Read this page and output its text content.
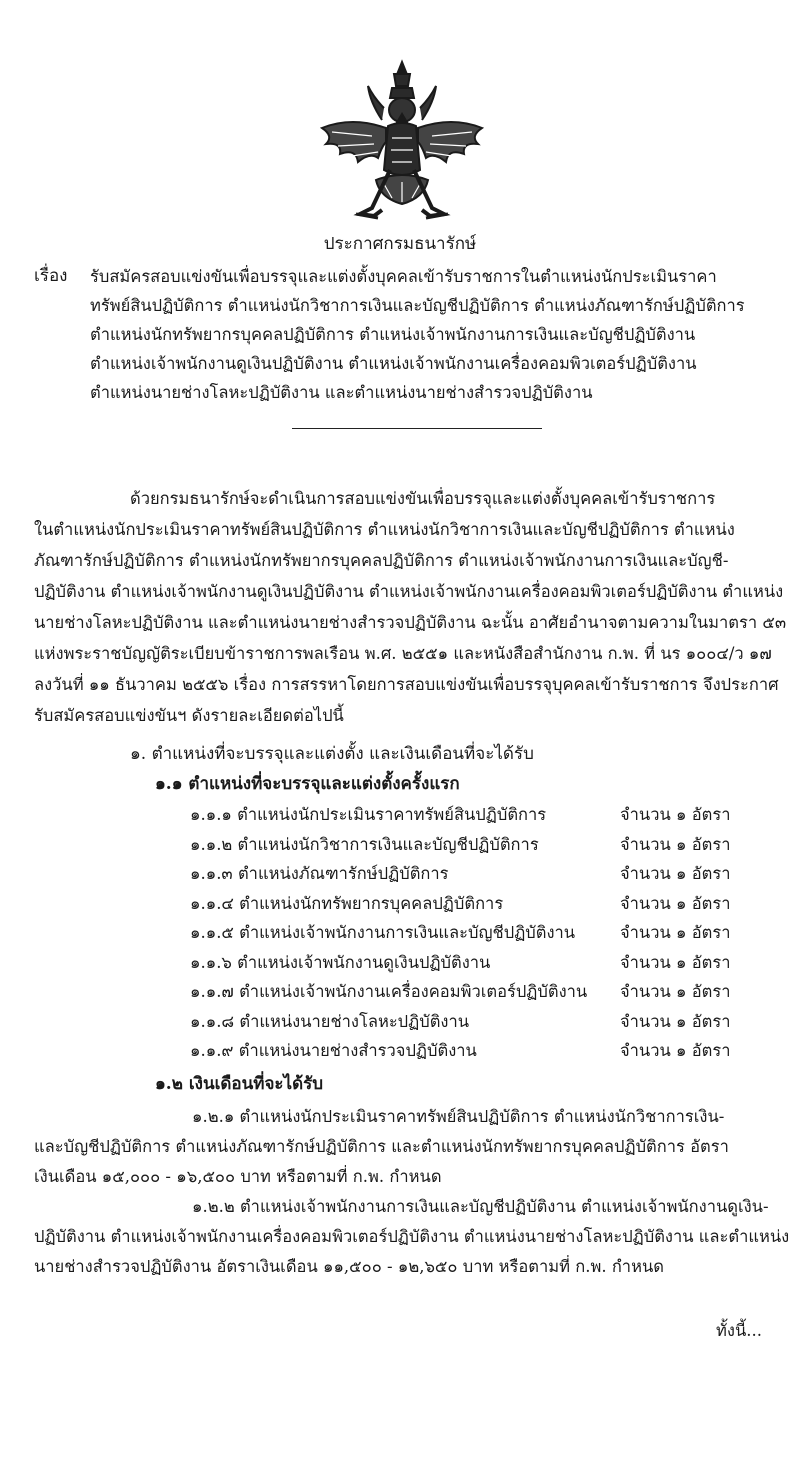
ประกาศกรมธนารักษ์
เรื่อง รับสมัครสอบแข่งขันเพื่อบรรจุและแต่งตั้งบุคคลเข้ารับราชการในตำแหน่งนักประเมินราคา
ทรัพย์สินปฏิบัติการ ตำแหน่งนักวิชาการเงินและบัญชีปฏิบัติการ ตำแหน่งภัณฑารักษ์ปฏิบัติการ
ตำแหน่งนักทรัพยากรบุคคลปฏิบัติการ ตำแหน่งเจ้าพนักงานการเงินและบัญชีปฏิบัติงาน
ตำแหน่งเจ้าพนักงานดูเงินปฏิบัติงาน ตำแหน่งเจ้าพนักงานเครื่องคอมพิวเตอร์ปฏิบัติงาน
ตำแหน่งนายช่างโลหะปฏิบัติงาน และตำแหน่งนายช่างสำรวจปฏิบัติงาน
ด้วยกรมธนารักษ์จะดำเนินการสอบแข่งขันเพื่อบรรจุและแต่งตั้งบุคคลเข้ารับราชการ
ในตำแหน่งนักประเมินราคาทรัพย์สินปฏิบัติการ ตำแหน่งนักวิชาการเงินและบัญชีปฏิบัติการ ตำแหน่ง
ภัณฑารักษ์ปฏิบัติการ ตำแหน่งนักทรัพยากรบุคคลปฏิบัติการ ตำแหน่งเจ้าพนักงานการเงินและบัญชี-
ปฏิบัติงาน ตำแหน่งเจ้าพนักงานดูเงินปฏิบัติงาน ตำแหน่งเจ้าพนักงานเครื่องคอมพิวเตอร์ปฏิบัติงาน ตำแหน่ง
นายช่างโลหะปฏิบัติงาน และตำแหน่งนายช่างสำรวจปฏิบัติงาน ฉะนั้น อาศัยอำนาจตามความในมาตรา ๕๓
แห่งพระราชบัญญัติระเบียบข้าราชการพลเรือน พ.ศ. ๒๕๕๑ และหนังสือสำนักงาน ก.พ. ที่ นร ๑๐๐๔/ว ๑๗
ลงวันที่ ๑๑ ธันวาคม ๒๕๕๖ เรื่อง การสรรหาโดยการสอบแข่งขันเพื่อบรรจุบุคคลเข้ารับราชการ จึงประกาศ
รับสมัครสอบแข่งขันฯ ดังรายละเอียดต่อไปนี้
๑. ตำแหน่งที่จะบรรจุและแต่งตั้ง และเงินเดือนที่จะได้รับ
๑.๑ ตำแหน่งที่จะบรรจุและแต่งตั้งครั้งแรก
๑.๑.๑ ตำแหน่งนักประเมินราคาทรัพย์สินปฏิบัติการ	จำนวน ๑ อัตรา
๑.๑.๒ ตำแหน่งนักวิชาการเงินและบัญชีปฏิบัติการ	จำนวน ๑ อัตรา
๑.๑.๓ ตำแหน่งภัณฑารักษ์ปฏิบัติการ	จำนวน ๑ อัตรา
๑.๑.๔ ตำแหน่งนักทรัพยากรบุคคลปฏิบัติการ	จำนวน ๑ อัตรา
๑.๑.๕ ตำแหน่งเจ้าพนักงานการเงินและบัญชีปฏิบัติงาน	จำนวน ๑ อัตรา
๑.๑.๖ ตำแหน่งเจ้าพนักงานดูเงินปฏิบัติงาน	จำนวน ๑ อัตรา
๑.๑.๗ ตำแหน่งเจ้าพนักงานเครื่องคอมพิวเตอร์ปฏิบัติงาน จำนวน ๑ อัตรา
๑.๑.๘ ตำแหน่งนายช่างโลหะปฏิบัติงาน	จำนวน ๑ อัตรา
๑.๑.๙ ตำแหน่งนายช่างสำรวจปฏิบัติงาน	จำนวน ๑ อัตรา
๑.๒ เงินเดือนที่จะได้รับ
๑.๒.๑ ตำแหน่งนักประเมินราคาทรัพย์สินปฏิบัติการ ตำแหน่งนักวิชาการเงิน-
และบัญชีปฏิบัติการ ตำแหน่งภัณฑารักษ์ปฏิบัติการ และตำแหน่งนักทรัพยากรบุคคลปฏิบัติการ อัตรา
เงินเดือน ๑๕,๐๐๐ - ๑๖,๕๐๐ บาท หรือตามที่ ก.พ. กำหนด
๑.๒.๒ ตำแหน่งเจ้าพนักงานการเงินและบัญชีปฏิบัติงาน ตำแหน่งเจ้าพนักงานดูเงิน-
ปฏิบัติงาน ตำแหน่งเจ้าพนักงานเครื่องคอมพิวเตอร์ปฏิบัติงาน ตำแหน่งนายช่างโลหะปฏิบัติงาน และตำแหน่ง
นายช่างสำรวจปฏิบัติงาน อัตราเงินเดือน ๑๑,๕๐๐ - ๑๒,๖๕๐ บาท หรือตามที่ ก.พ. กำหนด
ทั้งนี้...
